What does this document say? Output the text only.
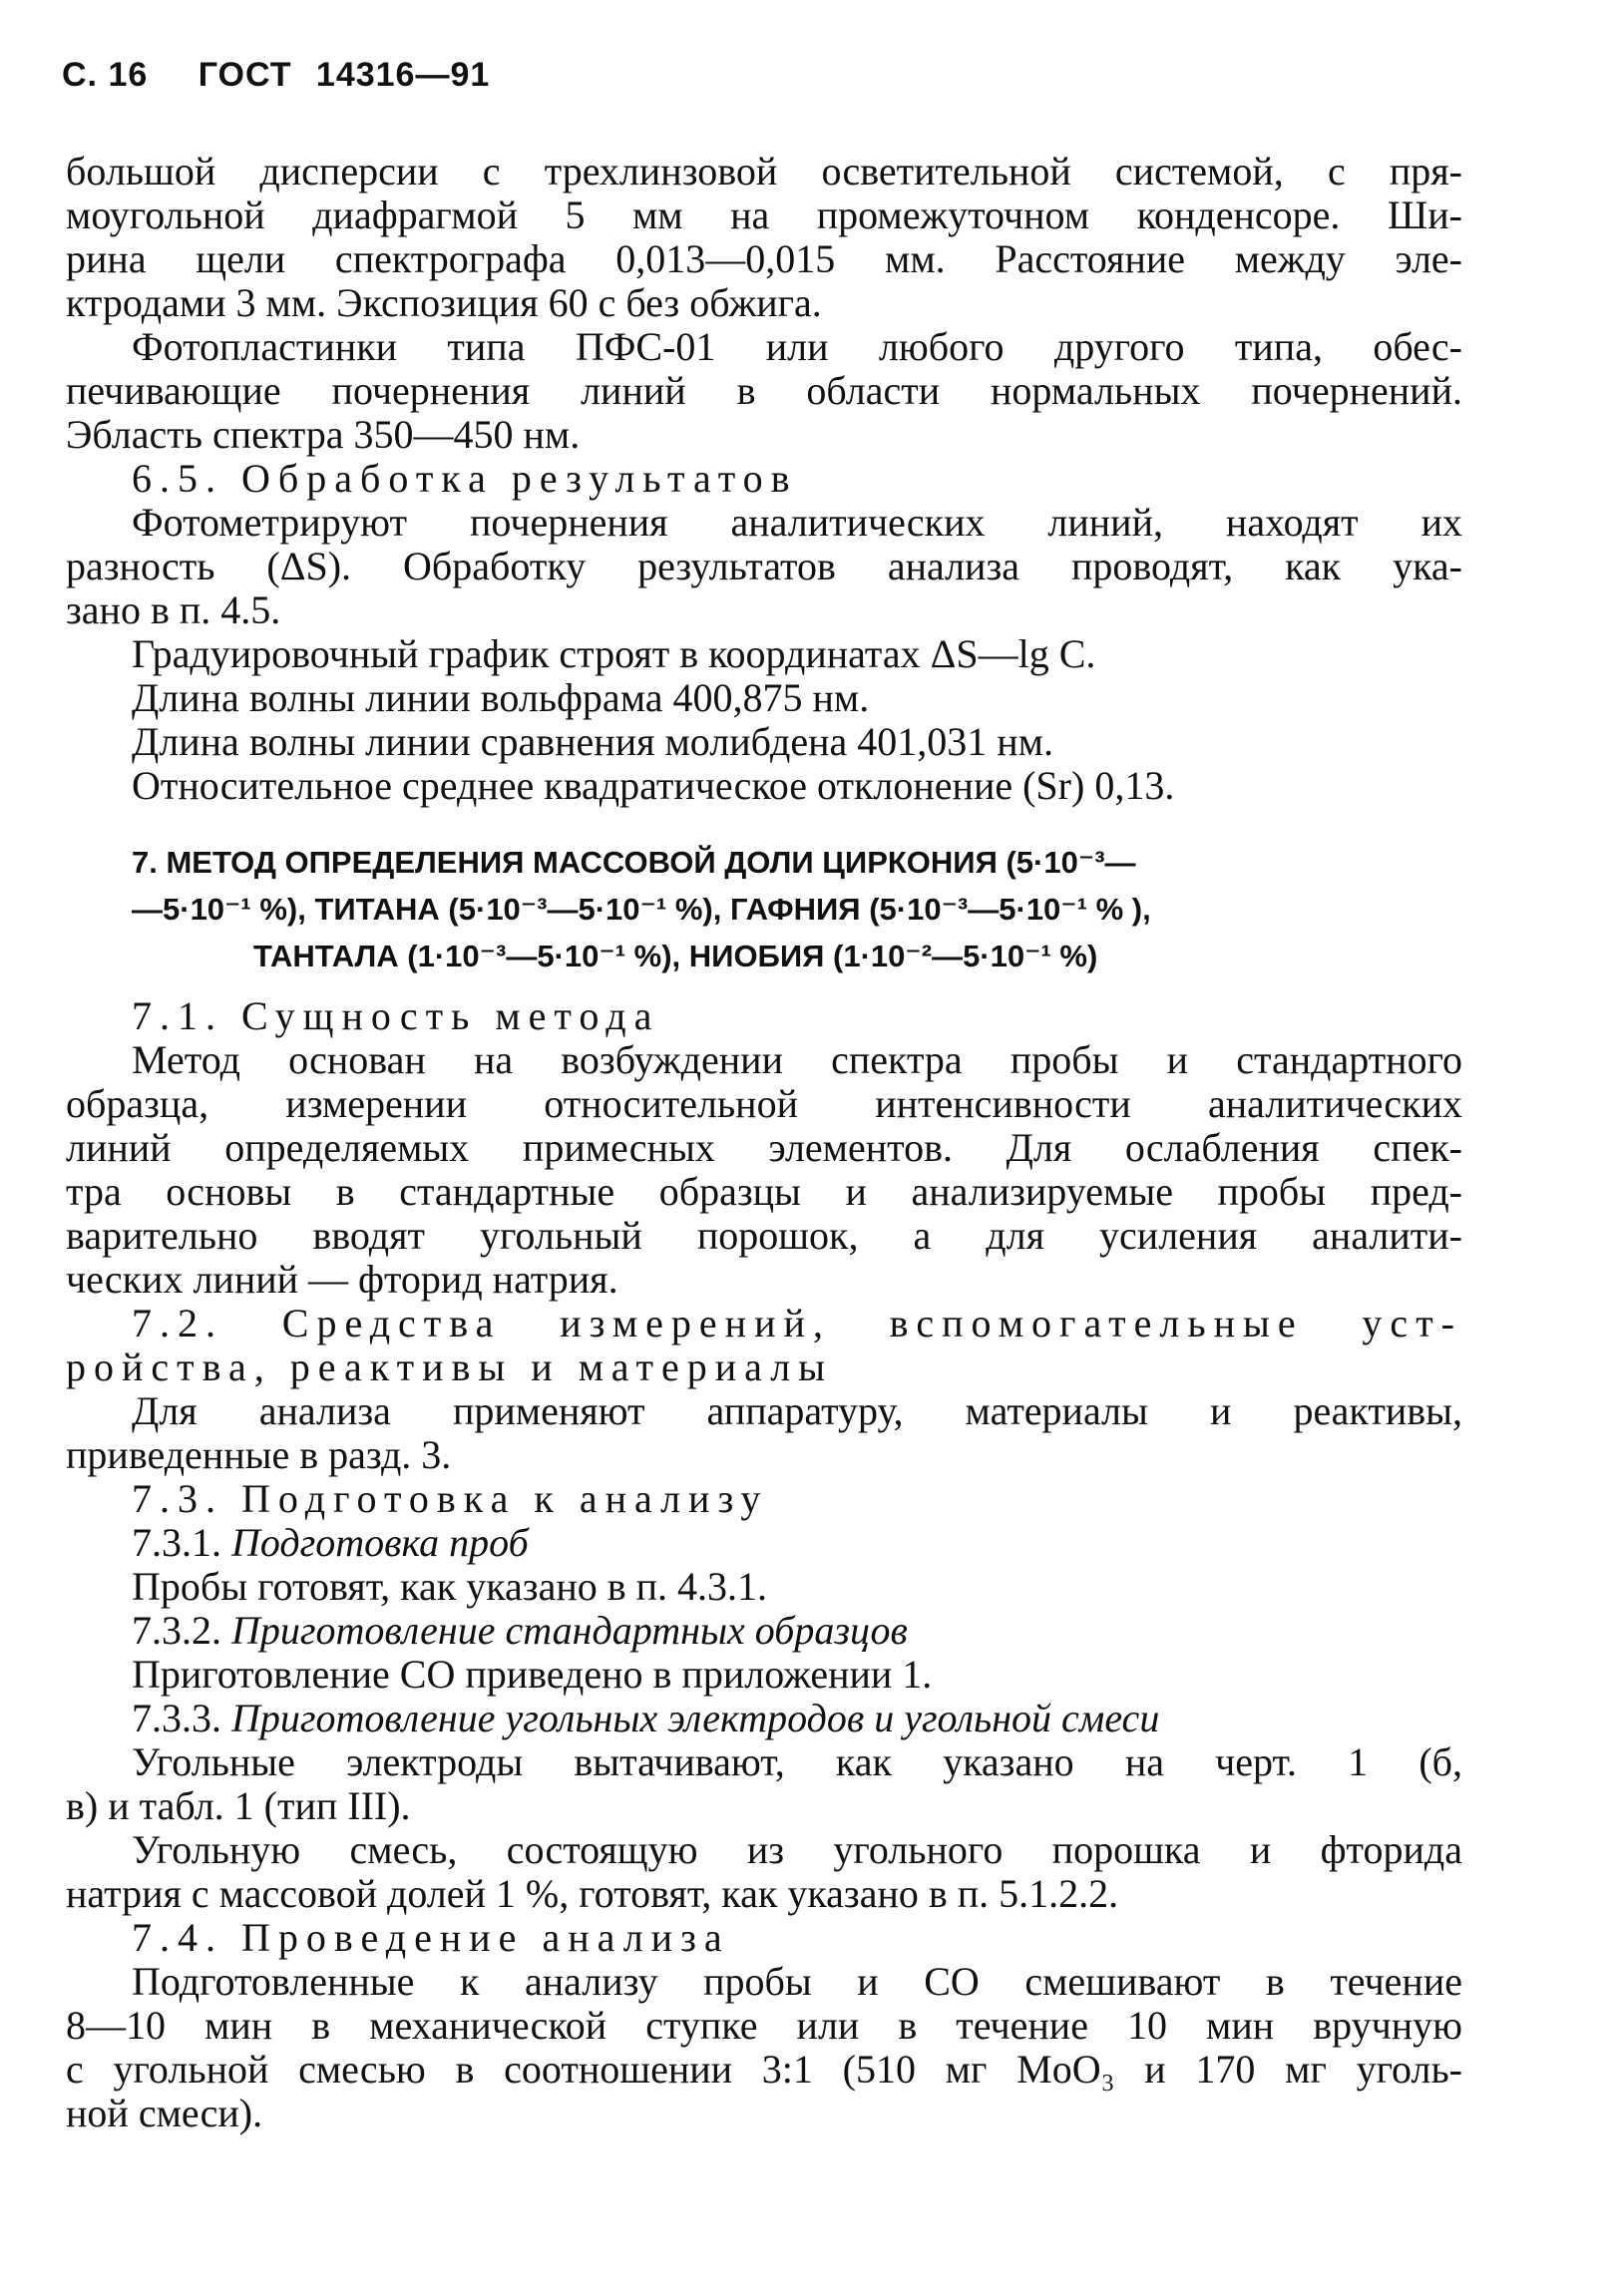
С. 16 ГОСТ 14316—91
большой дисперсии с трехлинзовой осветительной системой, с пря-
моугольной диафрагмой 5 мм на промежуточном конденсоре. Ши-
рина щели спектрографа 0,013—0,015 мм. Расстояние между эле-
ктродами 3 мм. Экспозиция 60 с без обжига.
Фотопластинки типа ПФС-01 или любого другого типа, обес-
печивающие почернения линий в области нормальных почернений.
Эбласть спектра 350—450 нм.
6.5. Обработка результатов
Фотометрируют почернения аналитических линий, находят их
разность (ΔS). Обработку результатов анализа проводят, как ука-
зано в п. 4.5.
Градуировочный график строят в координатах ΔS—lg C.
Длина волны линии вольфрама 400,875 нм.
Длина волны линии сравнения молибдена 401,031 нм.
Относительное среднее квадратическое отклонение (Sr) 0,13.
7. МЕТОД ОПРЕДЕЛЕНИЯ МАССОВОЙ ДОЛИ ЦИРКОНИЯ (5·10⁻³— —5·10⁻¹ %), ТИТАНА (5·10⁻³—5·10⁻¹ %), ГАФНИЯ (5·10⁻³—5·10⁻¹ % ), ТАНТАЛА (1·10⁻³—5·10⁻¹ %), НИОБИЯ (1·10⁻²—5·10⁻¹ %)
7.1. Сущность метода
Метод основан на возбуждении спектра пробы и стандартного
образца, измерении относительной интенсивности аналитических
линий определяемых примесных элементов. Для ослабления спек-
тра основы в стандартные образцы и анализируемые пробы пред-
варительно вводят угольный порошок, а для усиления аналити-
ческих линий — фторид натрия.
7.2. Средства измерений, вспомогательные уст-
ройства, реактивы и материалы
Для анализа применяют аппаратуру, материалы и реактивы,
приведенные в разд. 3.
7.3. Подготовка к анализу
7.3.1. Подготовка проб
Пробы готовят, как указано в п. 4.3.1.
7.3.2. Приготовление стандартных образцов
Приготовление СО приведено в приложении 1.
7.3.3. Приготовление угольных электродов и угольной смеси
Угольные электроды вытачивают, как указано на черт. 1 (б,
в) и табл. 1 (тип III).
Угольную смесь, состоящую из угольного порошка и фторида
натрия с массовой долей 1 %, готовят, как указано в п. 5.1.2.2.
7.4. Проведение анализа
Подготовленные к анализу пробы и СО смешивают в течение
8—10 мин в механической ступке или в течение 10 мин вручную
с угольной смесью в соотношении 3:1 (510 мг MoO₃ и 170 мг уголь-
ной смеси).
